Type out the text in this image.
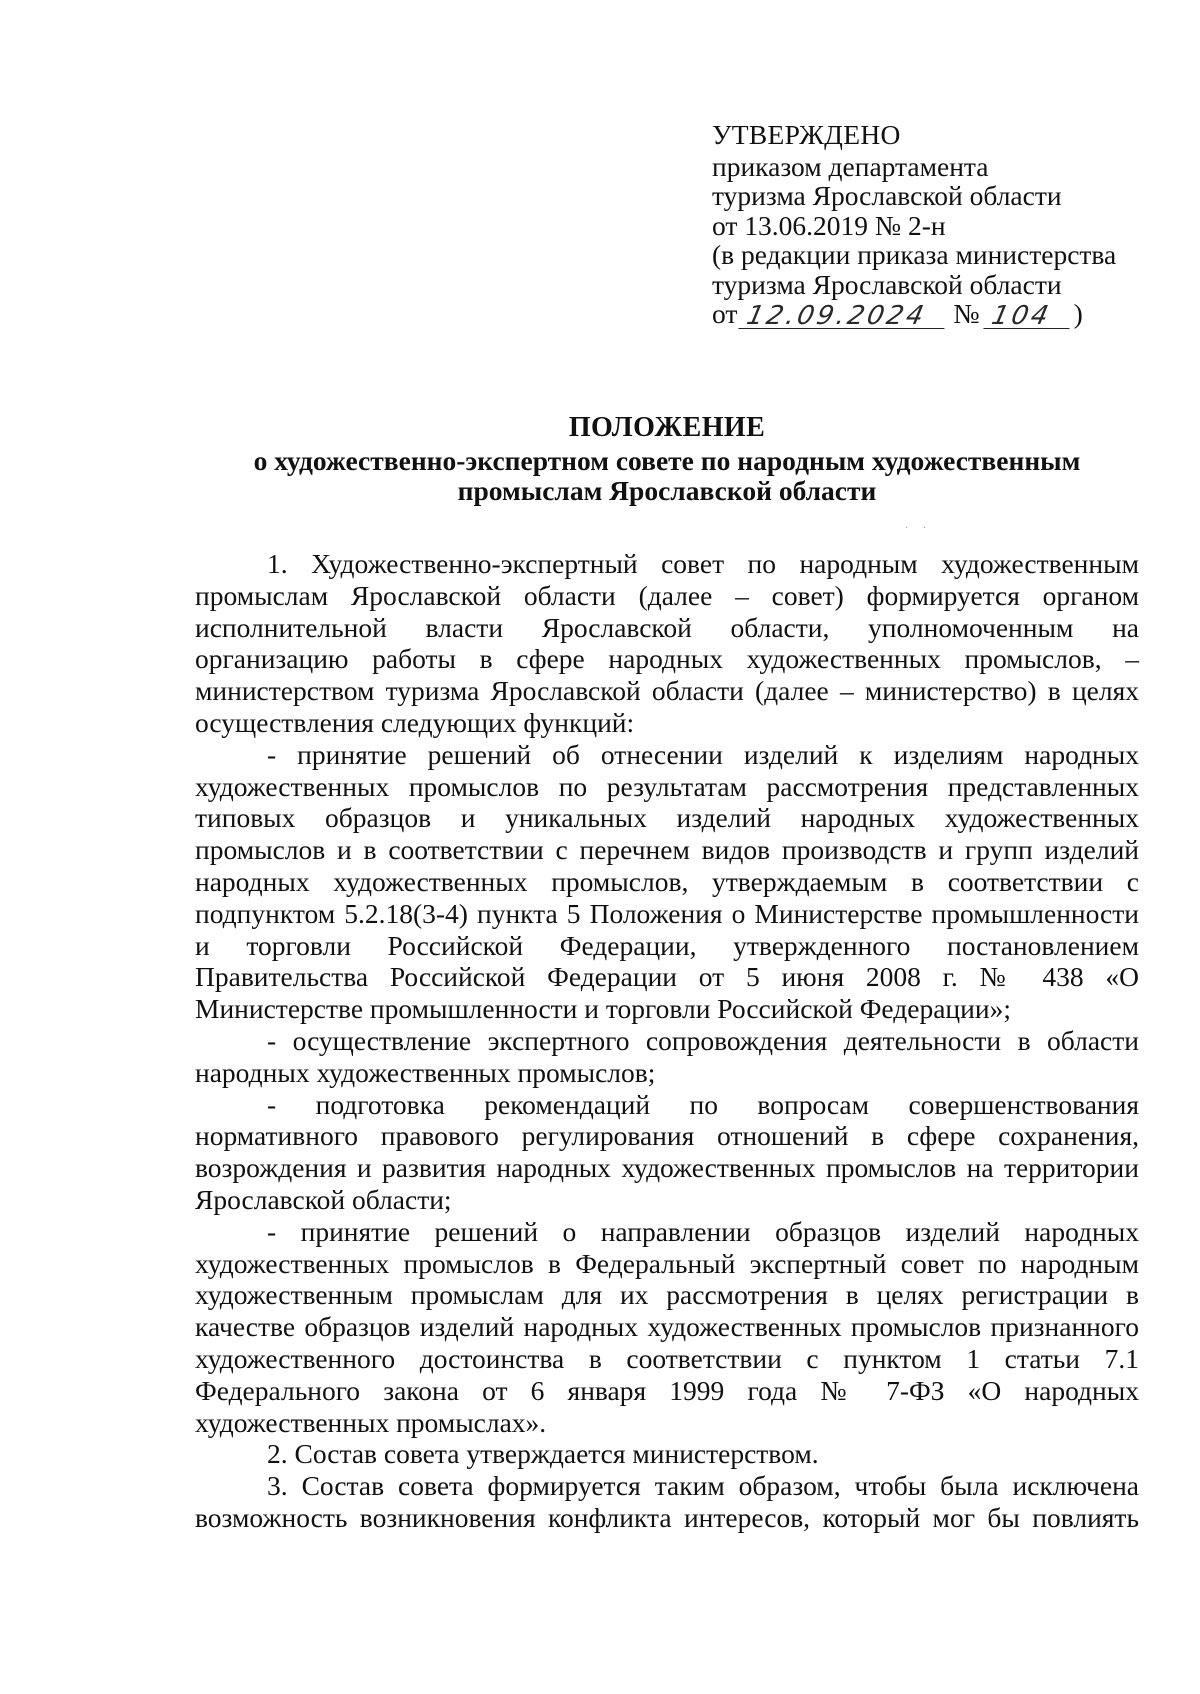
УТВЕРЖДЕНО
приказом департамента
туризма Ярославской области
от 13.06.2019 № 2-н
(в редакции приказа министерства
туризма Ярославской области
от 12.09.2024 № 104 )
ПОЛОЖЕНИЕ
о художественно-экспертном совете по народным художественным
промыслам Ярославской области
· ·

1. Художественно-экспертный совет по народным художественным промыслам Ярославской области (далее – совет) формируется органом исполнительной власти Ярославской области, уполномоченным на организацию работы в сфере народных художественных промыслов, – министерством туризма Ярославской области (далее – министерство) в целях осуществления следующих функций:

- принятие решений об отнесении изделий к изделиям народных художественных промыслов по результатам рассмотрения представленных типовых образцов и уникальных изделий народных художественных промыслов и в соответствии с перечнем видов производств и групп изделий народных художественных промыслов, утверждаемым в соответствии с подпунктом 5.2.18(3-4) пункта 5 Положения о Министерстве промышленности и торговли Российской Федерации, утвержденного постановлением Правительства Российской Федерации от 5 июня 2008 г. № 438 «О Министерстве промышленности и торговли Российской Федерации»;

- осуществление экспертного сопровождения деятельности в области народных художественных промыслов;

- подготовка рекомендаций по вопросам совершенствования нормативного правового регулирования отношений в сфере сохранения, возрождения и развития народных художественных промыслов на территории Ярославской области;

- принятие решений о направлении образцов изделий народных художественных промыслов в Федеральный экспертный совет по народным художественным промыслам для их рассмотрения в целях регистрации в качестве образцов изделий народных художественных промыслов признанного художественного достоинства в соответствии с пунктом 1 статьи 7.1 Федерального закона от 6 января 1999 года № 7-ФЗ «О народных художественных промыслах».

2. Состав совета утверждается министерством.

3. Состав совета формируется таким образом, чтобы была исключена возможность возникновения конфликта интересов, который мог бы повлиять
